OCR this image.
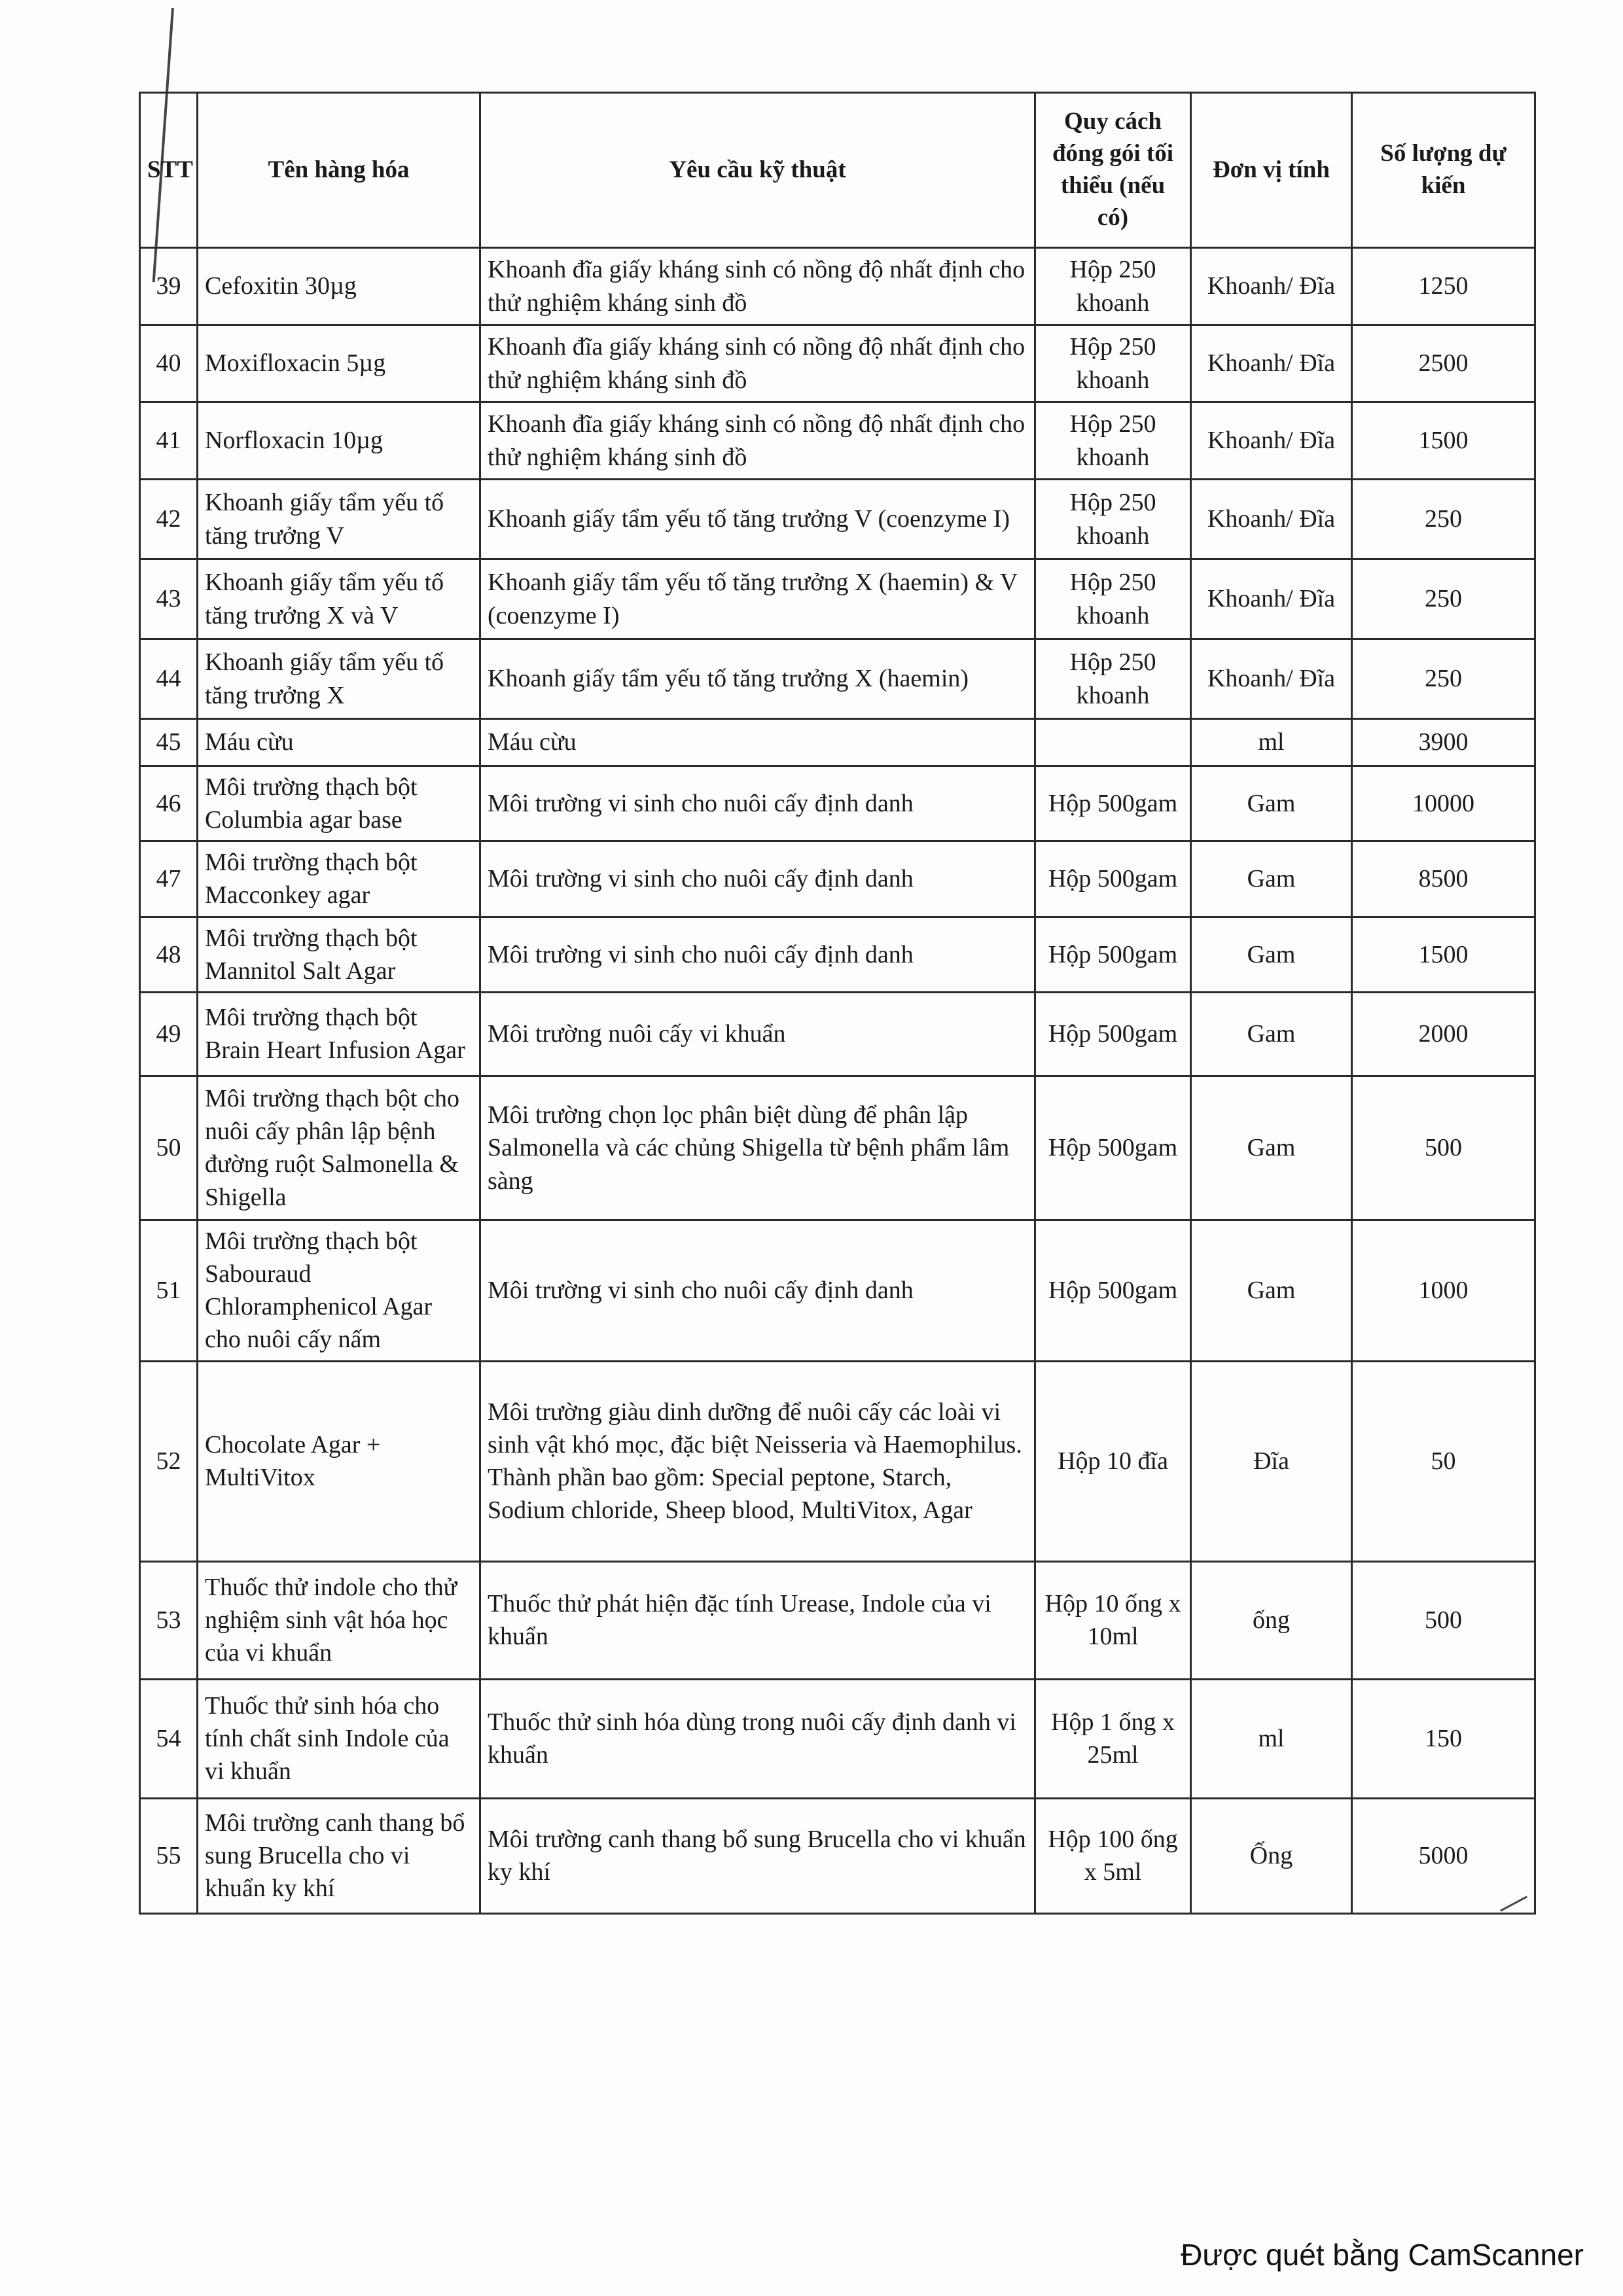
STT	Tên hàng hóa	Yêu cầu kỹ thuật	Quy cách đóng gói tối thiểu (nếu có)	Đơn vị tính	Số lượng dự kiến
39	Cefoxitin 30µg	Khoanh đĩa giấy kháng sinh có nồng độ nhất định cho thử nghiệm kháng sinh đồ	Hộp 250 khoanh	Khoanh/ Đĩa	1250
40	Moxifloxacin 5µg	Khoanh đĩa giấy kháng sinh có nồng độ nhất định cho thử nghiệm kháng sinh đồ	Hộp 250 khoanh	Khoanh/ Đĩa	2500
41	Norfloxacin 10µg	Khoanh đĩa giấy kháng sinh có nồng độ nhất định cho thử nghiệm kháng sinh đồ	Hộp 250 khoanh	Khoanh/ Đĩa	1500
42	Khoanh giấy tẩm yếu tố tăng trưởng V	Khoanh giấy tẩm yếu tố tăng trưởng V (coenzyme I)	Hộp 250 khoanh	Khoanh/ Đĩa	250
43	Khoanh giấy tẩm yếu tố tăng trưởng X và V	Khoanh giấy tẩm yếu tố tăng trưởng X (haemin) & V (coenzyme I)	Hộp 250 khoanh	Khoanh/ Đĩa	250
44	Khoanh giấy tẩm yếu tố tăng trưởng X	Khoanh giấy tẩm yếu tố tăng trưởng X (haemin)	Hộp 250 khoanh	Khoanh/ Đĩa	250
45	Máu cừu	Máu cừu		ml	3900
46	Môi trường thạch bột Columbia agar base	Môi trường vi sinh cho nuôi cấy định danh	Hộp 500gam	Gam	10000
47	Môi trường thạch bột Macconkey agar	Môi trường vi sinh cho nuôi cấy định danh	Hộp 500gam	Gam	8500
48	Môi trường thạch bột Mannitol Salt Agar	Môi trường vi sinh cho nuôi cấy định danh	Hộp 500gam	Gam	1500
49	Môi trường thạch bột Brain Heart Infusion Agar	Môi trường nuôi cấy vi khuẩn	Hộp 500gam	Gam	2000
50	Môi trường thạch bột cho nuôi cấy phân lập bệnh đường ruột Salmonella & Shigella	Môi trường chọn lọc phân biệt dùng để phân lập Salmonella và các chủng Shigella từ bệnh phẩm lâm sàng	Hộp 500gam	Gam	500
51	Môi trường thạch bột Sabouraud Chloramphenicol Agar cho nuôi cấy nấm	Môi trường vi sinh cho nuôi cấy định danh	Hộp 500gam	Gam	1000
52	Chocolate Agar + MultiVitox	Môi trường giàu dinh dưỡng để nuôi cấy các loài vi sinh vật khó mọc, đặc biệt Neisseria và Haemophilus. Thành phần bao gồm: Special peptone, Starch, Sodium chloride, Sheep blood, MultiVitox, Agar	Hộp 10 đĩa	Đĩa	50
53	Thuốc thử indole cho thử nghiệm sinh vật hóa học của vi khuẩn	Thuốc thử phát hiện đặc tính Urease, Indole của vi khuẩn	Hộp 10 ống x 10ml	ống	500
54	Thuốc thử sinh hóa cho tính chất sinh Indole của vi khuẩn	Thuốc thử sinh hóa dùng trong nuôi cấy định danh vi khuẩn	Hộp 1 ống x 25ml	ml	150
55	Môi trường canh thang bổ sung Brucella cho vi khuẩn ky khí	Môi trường canh thang bổ sung Brucella cho vi khuẩn ky khí	Hộp 100 ống x 5ml	Ống	5000
Được quét bằng CamScanner
